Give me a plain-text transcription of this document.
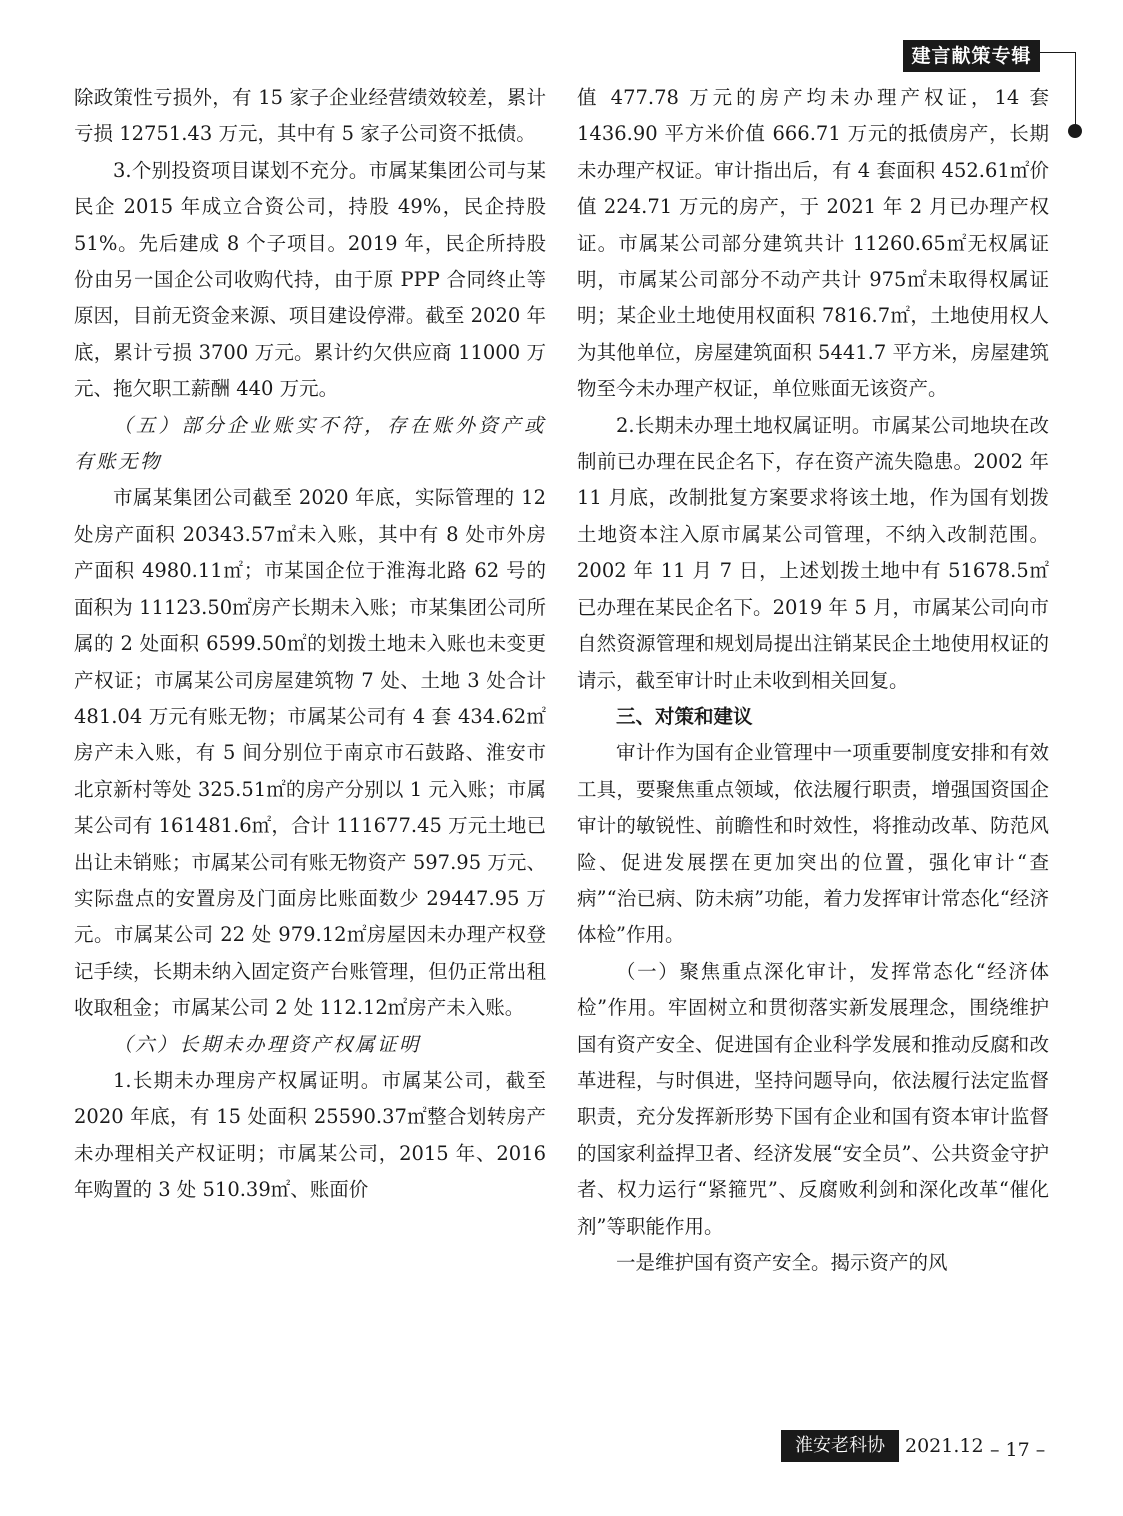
建言献策专辑

除政策性亏损外，有 15 家子企业经营绩效较差，累计亏损 12751.43 万元，其中有 5 家子公司资不抵债。

3.个别投资项目谋划不充分。市属某集团公司与某民企 2015 年成立合资公司，持股 49%，民企持股 51%。先后建成 8 个子项目。2019 年，民企所持股份由另一国企公司收购代持，由于原 PPP 合同终止等原因，目前无资金来源、项目建设停滞。截至 2020 年底，累计亏损 3700 万元。累计约欠供应商 11000 万元、拖欠职工薪酬 440 万元。

（五）部分企业账实不符，存在账外资产或有账无物

市属某集团公司截至 2020 年底，实际管理的 12 处房产面积 20343.57㎡未入账，其中有 8 处市外房产面积 4980.11㎡；市某国企位于淮海北路 62 号的面积为 11123.50㎡房产长期未入账；市某集团公司所属的 2 处面积 6599.50㎡的划拨土地未入账也未变更产权证；市属某公司房屋建筑物 7 处、土地 3 处合计 481.04 万元有账无物；市属某公司有 4 套 434.62㎡房产未入账，有 5 间分别位于南京市石鼓路、淮安市北京新村等处 325.51㎡的房产分别以 1 元入账；市属某公司有 161481.6㎡，合计 111677.45 万元土地已出让未销账；市属某公司有账无物资产 597.95 万元、实际盘点的安置房及门面房比账面数少 29447.95 万元。市属某公司 22 处 979.12㎡房屋因未办理产权登记手续，长期未纳入固定资产台账管理，但仍正常出租收取租金；市属某公司 2 处 112.12㎡房产未入账。

（六）长期未办理资产权属证明

1.长期未办理房产权属证明。市属某公司，截至 2020 年底，有 15 处面积 25590.37㎡整合划转房产未办理相关产权证明；市属某公司，2015 年、2016 年购置的 3 处 510.39㎡、账面价

值 477.78 万元的房产均未办理产权证，14 套 1436.90 平方米价值 666.71 万元的抵债房产，长期未办理产权证。审计指出后，有 4 套面积 452.61㎡价值 224.71 万元的房产，于 2021 年 2 月已办理产权证。市属某公司部分建筑共计 11260.65㎡无权属证明，市属某公司部分不动产共计 975㎡未取得权属证明；某企业土地使用权面积 7816.7㎡，土地使用权人为其他单位，房屋建筑面积 5441.7 平方米，房屋建筑物至今未办理产权证，单位账面无该资产。

2.长期未办理土地权属证明。市属某公司地块在改制前已办理在民企名下，存在资产流失隐患。2002 年 11 月底，改制批复方案要求将该土地，作为国有划拨土地资本注入原市属某公司管理，不纳入改制范围。2002 年 11 月 7 日，上述划拨土地中有 51678.5㎡已办理在某民企名下。2019 年 5 月，市属某公司向市自然资源管理和规划局提出注销某民企土地使用权证的请示，截至审计时止未收到相关回复。

三、对策和建议

审计作为国有企业管理中一项重要制度安排和有效工具，要聚焦重点领域，依法履行职责，增强国资国企审计的敏锐性、前瞻性和时效性，将推动改革、防范风险、促进发展摆在更加突出的位置，强化审计“查病”“治已病、防未病”功能，着力发挥审计常态化“经济体检”作用。

（一）聚焦重点深化审计，发挥常态化“经济体检”作用。牢固树立和贯彻落实新发展理念，围绕维护国有资产安全、促进国有企业科学发展和推动反腐和改革进程，与时俱进，坚持问题导向，依法履行法定监督职责，充分发挥新形势下国有企业和国有资本审计监督的国家利益捍卫者、经济发展“安全员”、公共资金守护者、权力运行“紧箍咒”、反腐败利剑和深化改革“催化剂”等职能作用。

一是维护国有资产安全。揭示资产的风

淮安老科协	2021.12 – 17 –
